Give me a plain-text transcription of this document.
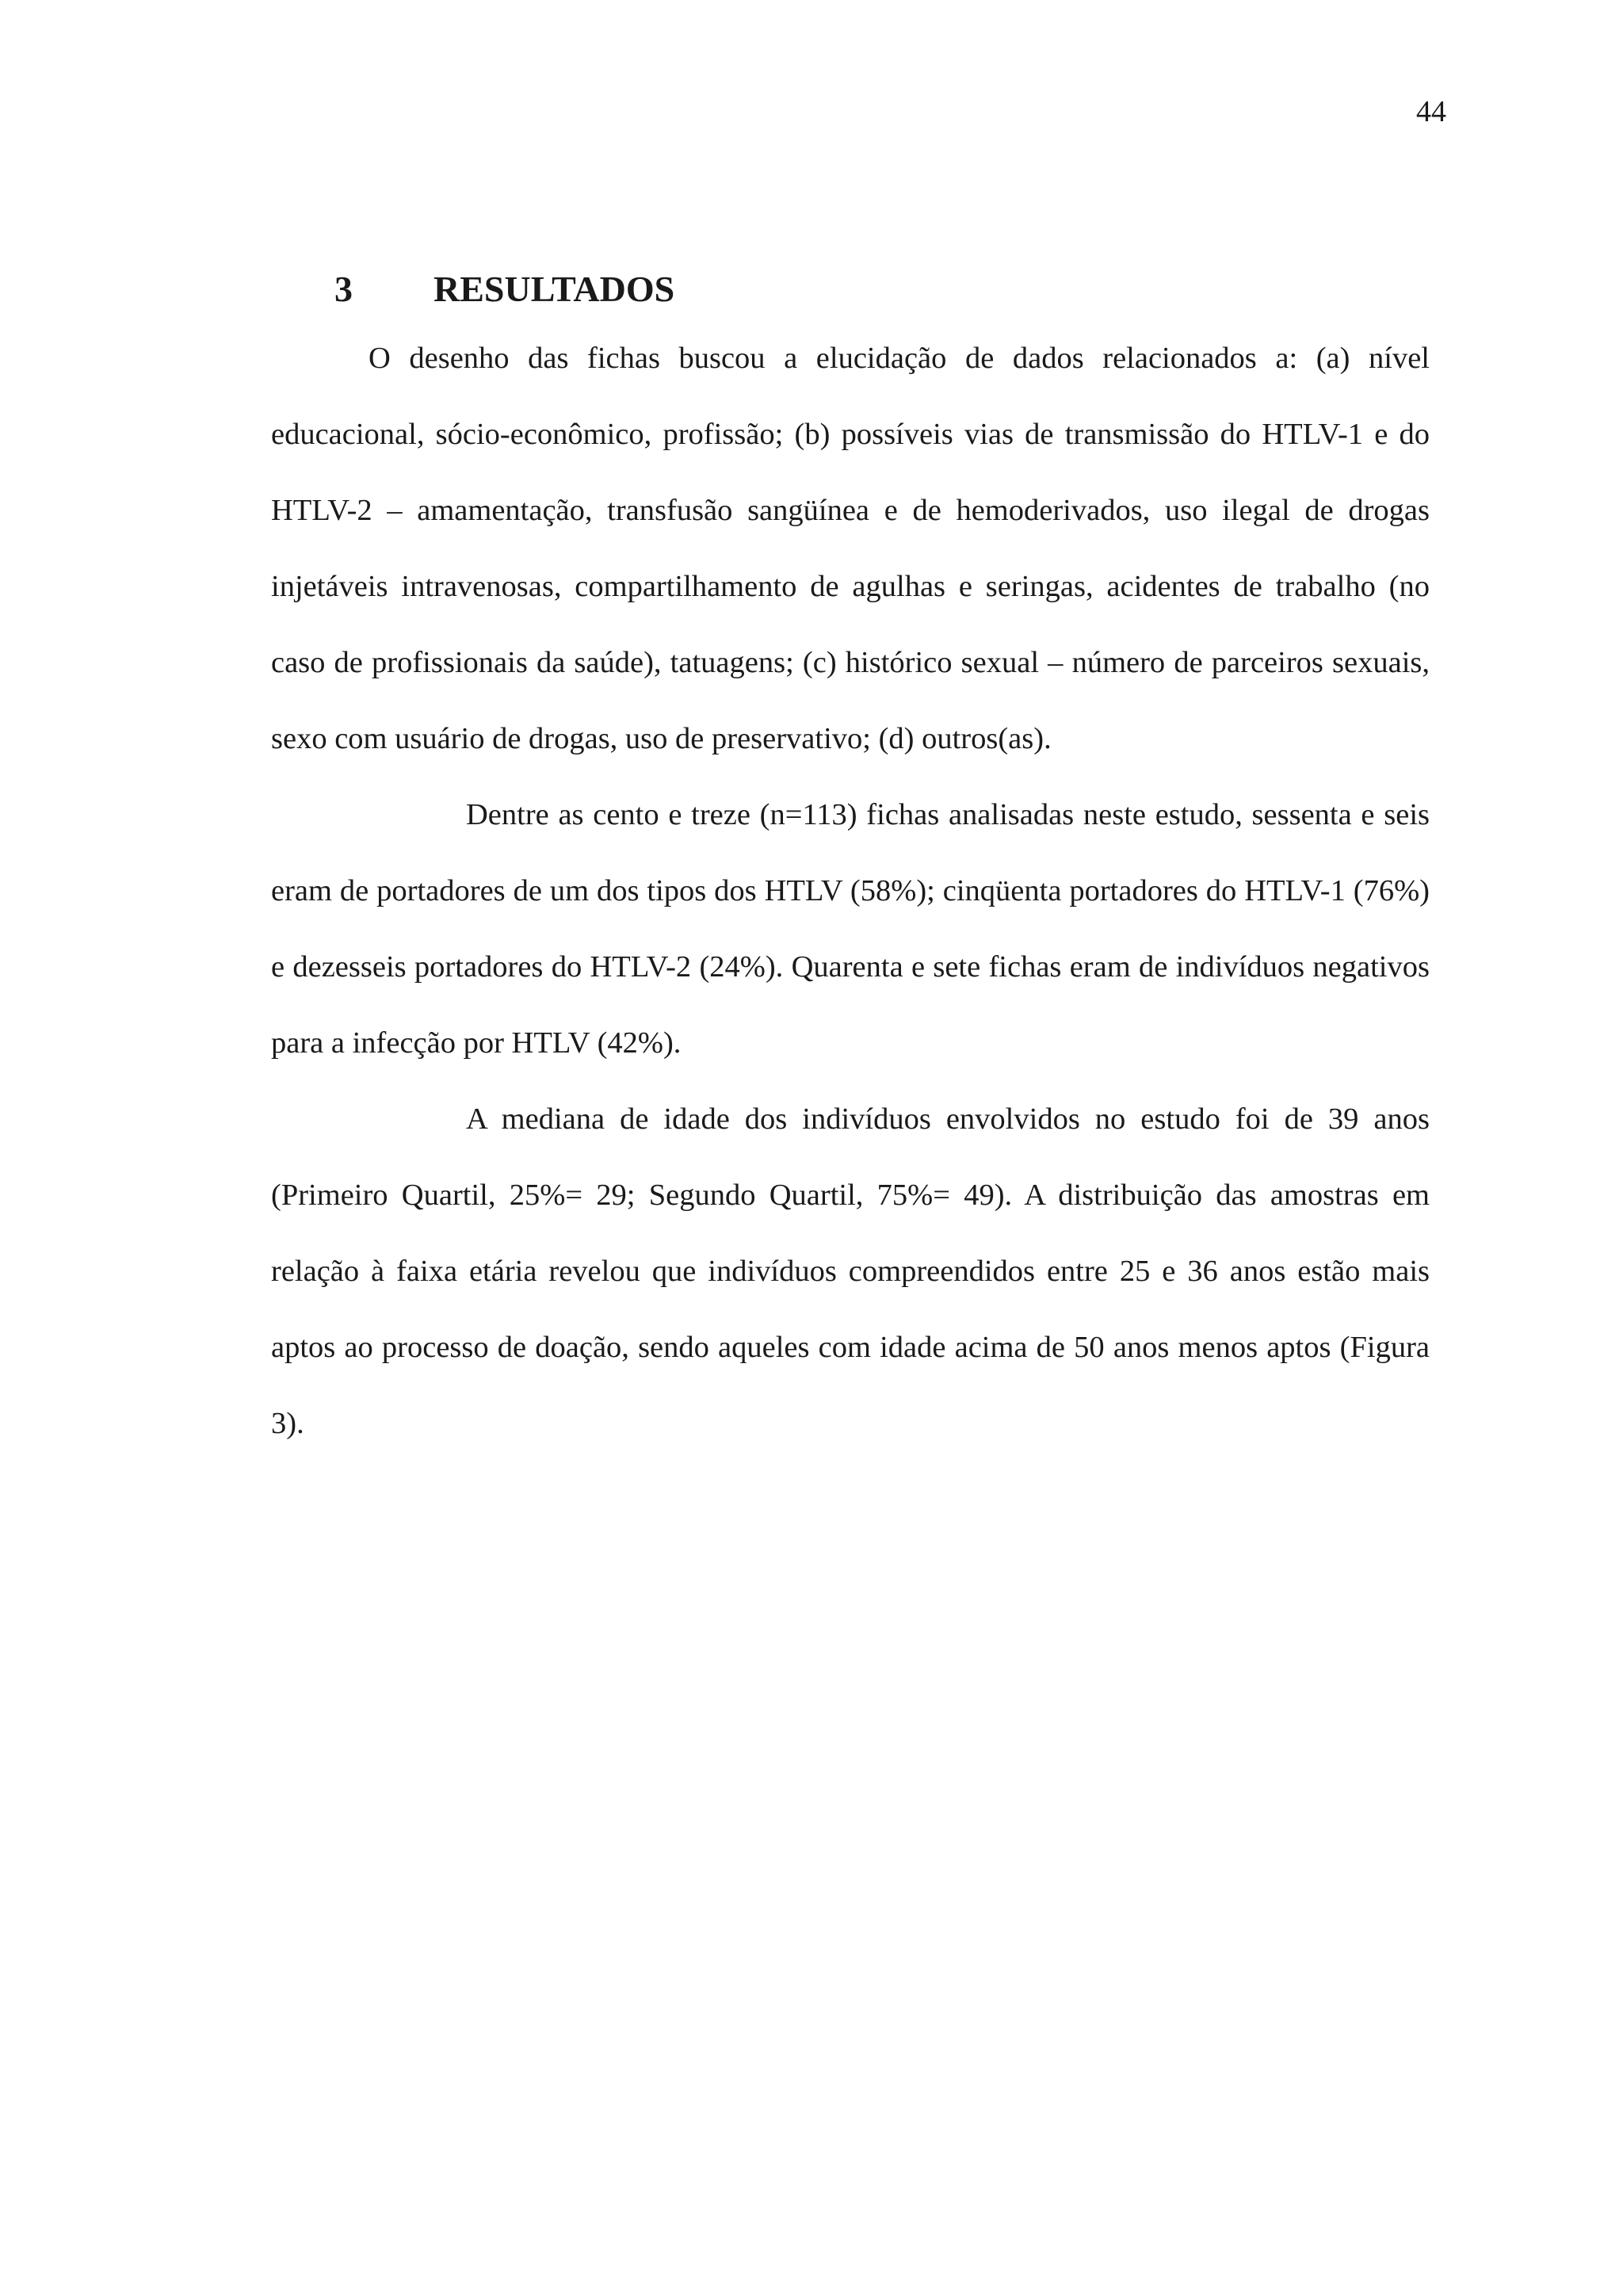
44
3	RESULTADOS

O desenho das fichas buscou a elucidação de dados relacionados a: (a) nível educacional, sócio-econômico, profissão; (b) possíveis vias de transmissão do HTLV-1 e do HTLV-2 – amamentação, transfusão sangüínea e de hemoderivados, uso ilegal de drogas injetáveis intravenosas, compartilhamento de agulhas e seringas, acidentes de trabalho (no caso de profissionais da saúde), tatuagens; (c) histórico sexual – número de parceiros sexuais, sexo com usuário de drogas, uso de preservativo; (d) outros(as).

Dentre as cento e treze (n=113) fichas analisadas neste estudo, sessenta e seis eram de portadores de um dos tipos dos HTLV (58%); cinqüenta portadores do HTLV-1 (76%) e dezesseis portadores do HTLV-2 (24%). Quarenta e sete fichas eram de indivíduos negativos para a infecção por HTLV (42%).

A mediana de idade dos indivíduos envolvidos no estudo foi de 39 anos (Primeiro Quartil, 25%= 29; Segundo Quartil, 75%= 49). A distribuição das amostras em relação à faixa etária revelou que indivíduos compreendidos entre 25 e 36 anos estão mais aptos ao processo de doação, sendo aqueles com idade acima de 50 anos menos aptos (Figura 3).
